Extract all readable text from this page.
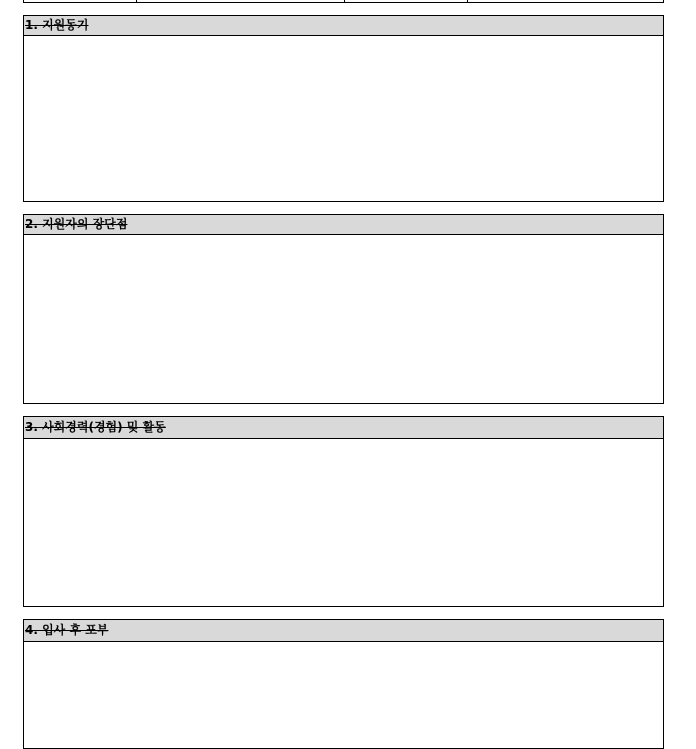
1. 지원동기
2. 지원자의 장단점
3. 사회경력(경험) 및 활동
4. 입사 후 포부
